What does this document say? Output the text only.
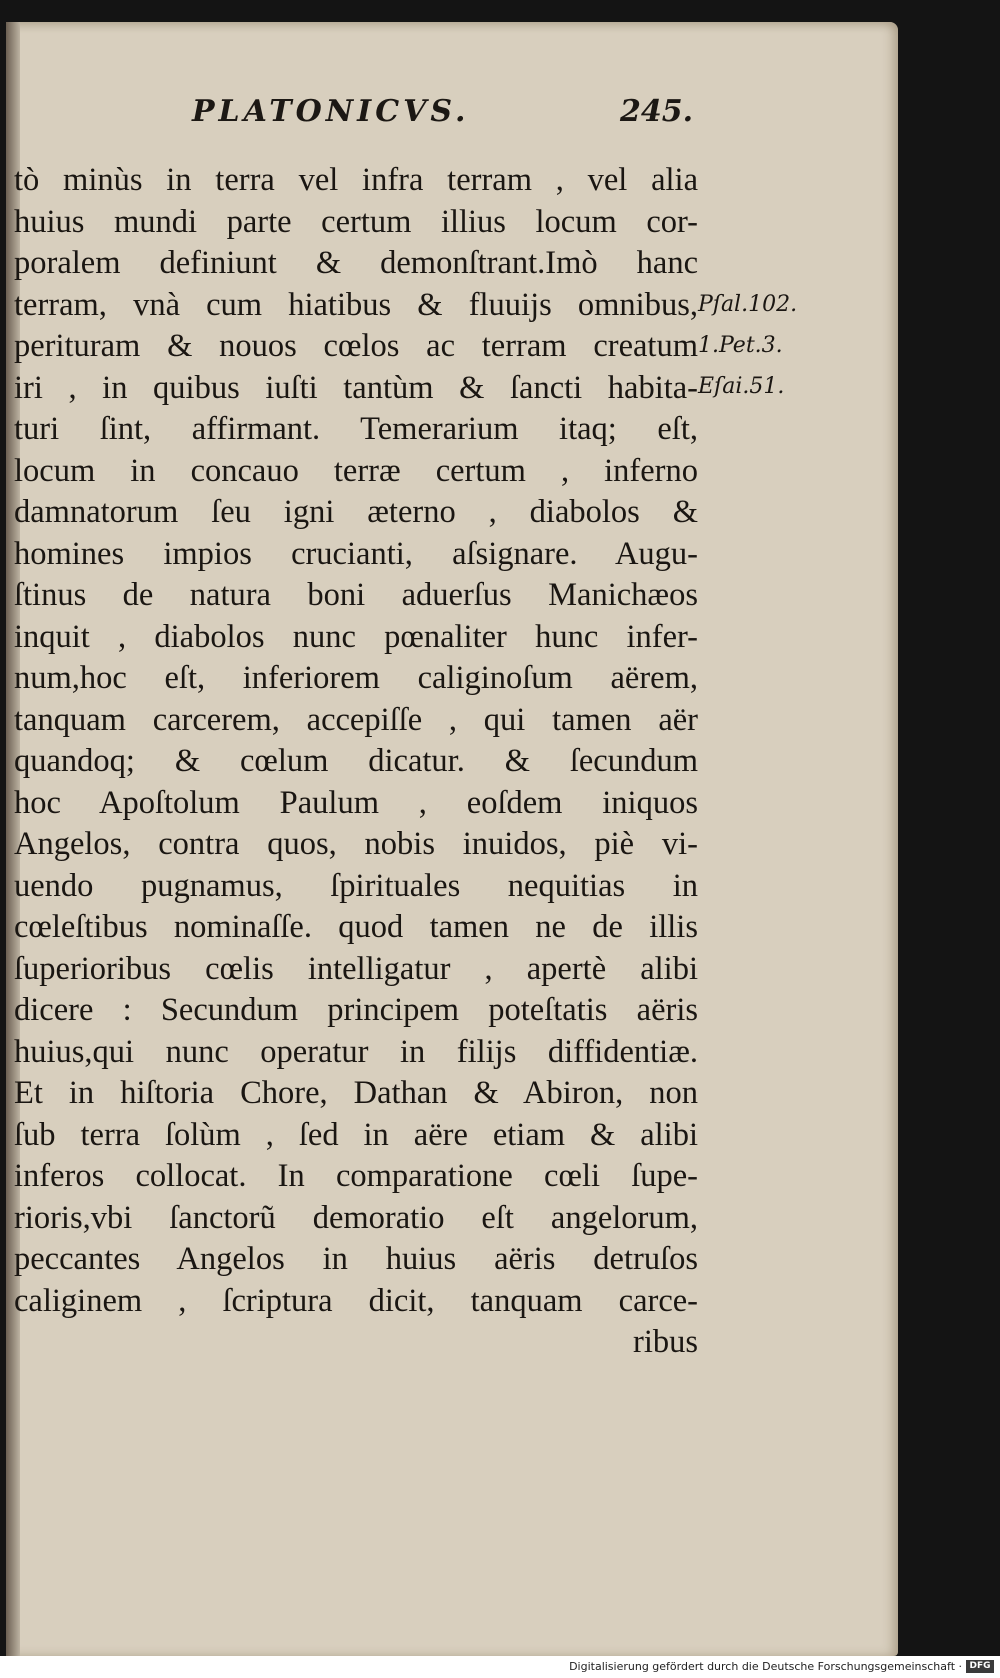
PLATONICVS.	245.
tò minùs in terra vel infra terram , vel alia
huius mundi parte certum illius locum cor-
poralem definiunt & demonſtrant.Imò hanc
terram, vnà cum hiatibus & fluuijs omnibus,
perituram & nouos cœlos ac terram creatum
iri , in quibus iuſti tantùm & ſancti habita-
turi ſint, affirmant. Temerarium itaq; eſt,
locum in concauo terræ certum , inferno
damnatorum ſeu igni æterno , diabolos &
homines impios crucianti, aſsignare. Augu-
ſtinus de natura boni aduerſus Manichæos
inquit , diabolos nunc pœnaliter hunc infer-
num,hoc eſt, inferiorem caliginoſum aërem,
tanquam carcerem, accepiſſe , qui tamen aër
quandoq; & cœlum dicatur. & ſecundum
hoc Apoſtolum Paulum , eoſdem iniquos
Angelos, contra quos, nobis inuidos, piè vi-
uendo pugnamus, ſpirituales nequitias in
cœleſtibus nominaſſe. quod tamen ne de illis
ſuperioribus cœlis intelligatur , apertè alibi
dicere : Secundum principem poteſtatis aëris
huius,qui nunc operatur in filijs diffidentiæ.
Et in hiſtoria Chore, Dathan & Abiron, non
ſub terra ſolùm , ſed in aëre etiam & alibi
inferos collocat. In comparatione cœli ſupe-
rioris,vbi ſanctorũ demoratio eſt angelorum,
peccantes Angelos in huius aëris detruſos
caliginem , ſcriptura dicit, tanquam carce-
ribus
Pſal.102.
1.Pet.3.
Eſai.51.
Digitalisierung gefördert durch die Deutsche Forschungsgemeinschaft · DFG
